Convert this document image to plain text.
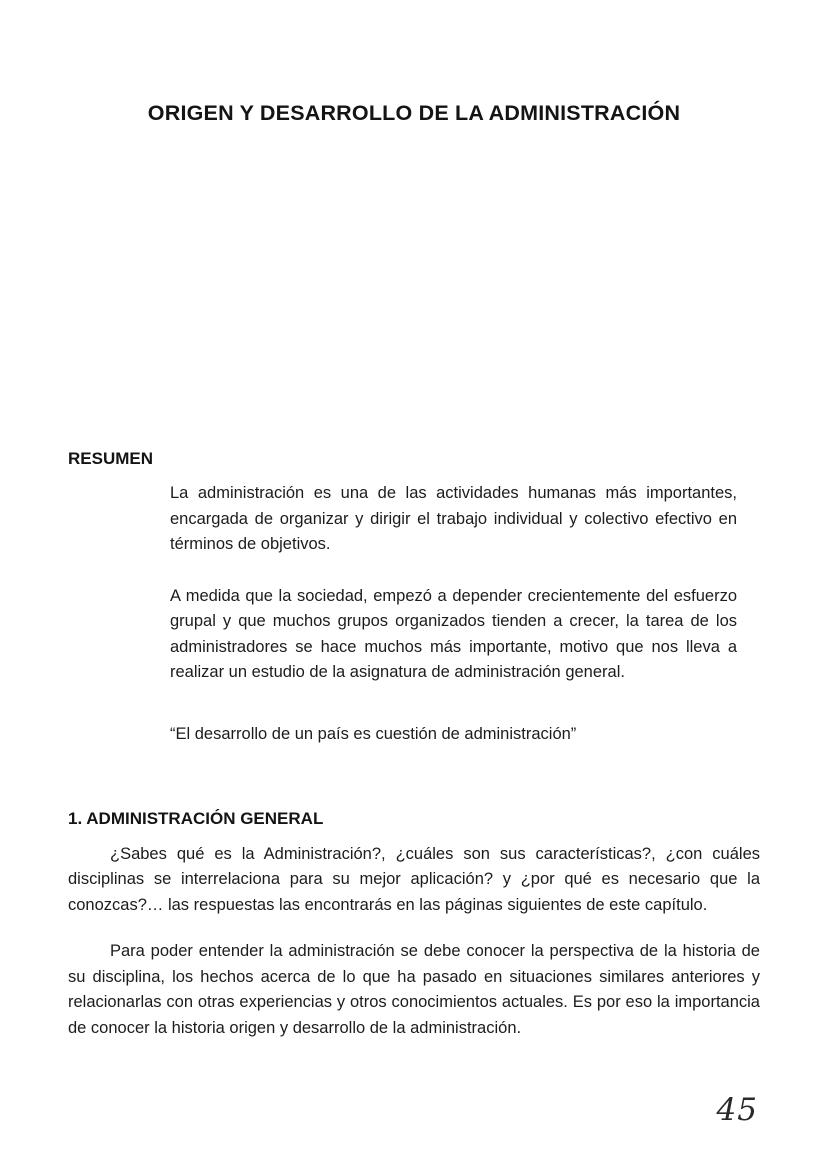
ORIGEN Y DESARROLLO DE LA ADMINISTRACIÓN
RESUMEN

La administración es una de las actividades humanas más importantes, encargada de organizar y dirigir el trabajo individual y colectivo efectivo en términos de objetivos.

A medida que la sociedad, empezó a depender crecientemente del esfuerzo grupal y que muchos grupos organizados tienden a crecer, la tarea de los administradores se hace muchos más importante, motivo que nos lleva a realizar un estudio de la asignatura de administración general.

“El desarrollo de un país es cuestión de administración”

1. ADMINISTRACIÓN GENERAL

¿Sabes qué es la Administración?, ¿cuáles son sus características?, ¿con cuáles disciplinas se interrelaciona para su mejor aplicación? y ¿por qué es necesario que la conozcas?… las respuestas las encontrarás en las páginas siguientes de este capítulo.

Para poder entender la administración se debe conocer la perspectiva de la historia de su disciplina, los hechos acerca de lo que ha pasado en situaciones similares anteriores y relacionarlas con otras experiencias y otros conocimientos actuales. Es por eso la importancia de conocer la historia origen y desarrollo de la administración.

45
